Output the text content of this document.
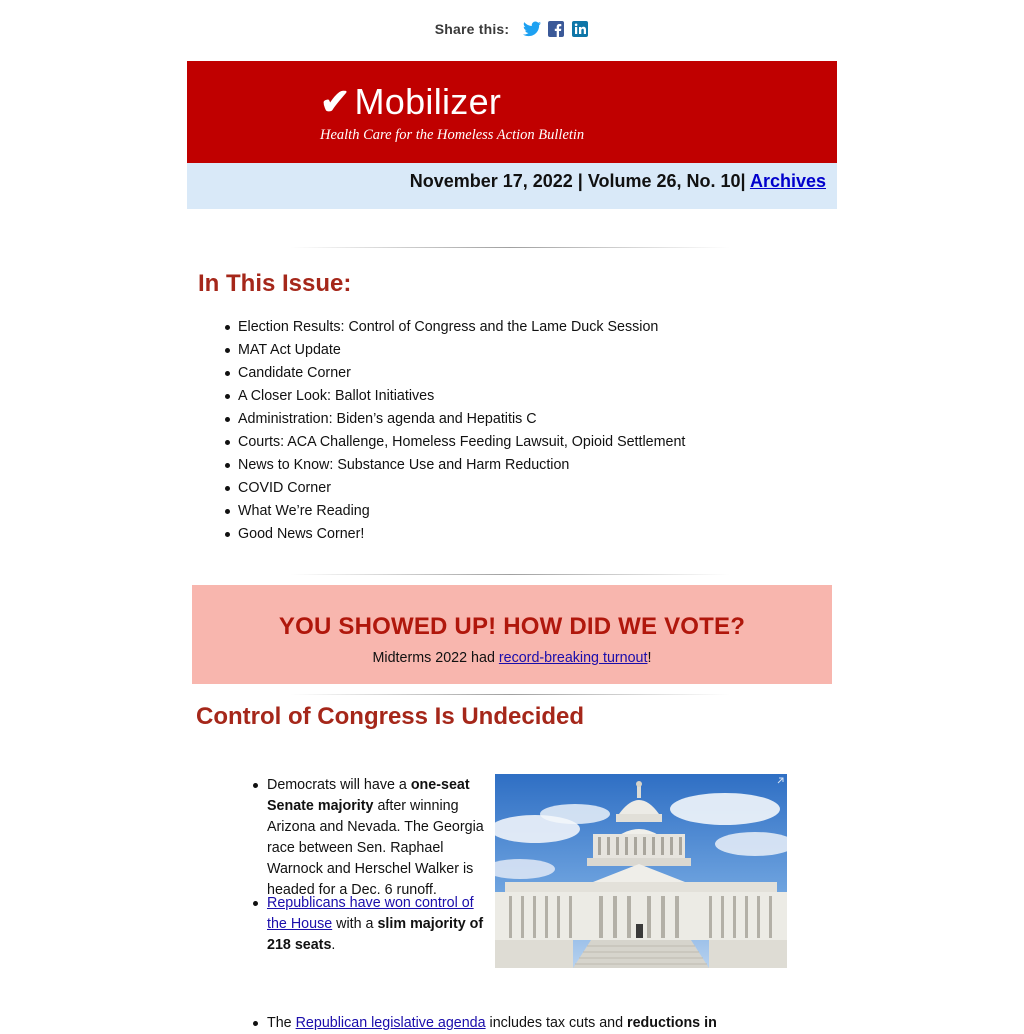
Share this:
✔ Mobilizer
Health Care for the Homeless Action Bulletin
November 17, 2022 | Volume 26, No. 10| Archives
In This Issue:
Election Results: Control of Congress and the Lame Duck Session
MAT Act Update
Candidate Corner
A Closer Look: Ballot Initiatives
Administration: Biden’s agenda and Hepatitis C
Courts: ACA Challenge, Homeless Feeding Lawsuit, Opioid Settlement
News to Know: Substance Use and Harm Reduction
COVID Corner
What We’re Reading
Good News Corner!
YOU SHOWED UP! HOW DID WE VOTE?
Midterms 2022 had record-breaking turnout!
Control of Congress Is Undecided
Democrats will have a one-seat Senate majority after winning Arizona and Nevada. The Georgia race between Sen. Raphael Warnock and Herschel Walker is headed for a Dec. 6 runoff.
Republicans have won control of the House with a slim majority of 218 seats.
The Republican legislative agenda includes tax cuts and reductions in
